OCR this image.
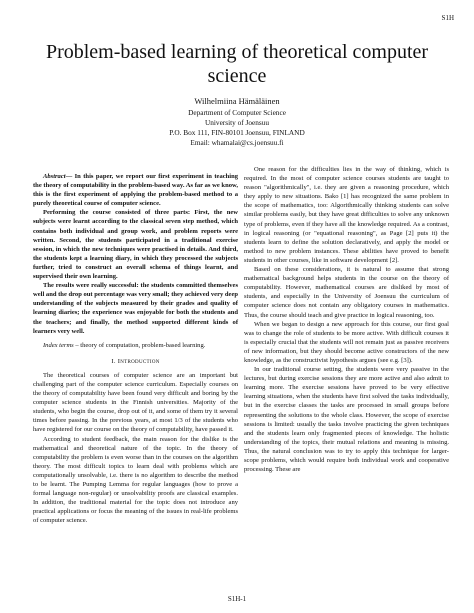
S1H
Problem-based learning of theoretical computer science
Wilhelmiina Hämäläinen
Department of Computer Science
University of Joensuu
P.O. Box 111, FIN-80101 Joensuu, FINLAND
Email: whamalai@cs.joensuu.fi

Abstract— In this paper, we report our first experiment in teaching the theory of computability in the problem-based way. As far as we know, this is the first experiment of applying the problem-based method to a purely theoretical course of computer science.

Performing the course consisted of three parts: First, the new subjects were learnt according to the classical seven step method, which contains both individual and group work, and problem reports were written. Second, the students participated in a traditional exercise session, in which the new techniques were practised in details. And third, the students kept a learning diary, in which they processed the subjects further, tried to construct an overall schema of things learnt, and supervised their own learning.

The results were really successful: the students committed themselves well and the drop out percentage was very small; they achieved very deep understanding of the subjects measured by their grades and quality of learning diaries; the experience was enjoyable for both the students and the teachers; and finally, the method supported different kinds of learners very well.

Index terms – theory of computation, problem-based learning.

I. Introduction

The theoretical courses of computer science are an important but challenging part of the computer science curriculum. Especially courses on the theory of computability have been found very difficult and boring by the computer science students in the Finnish universities. Majority of the students, who begin the course, drop out of it, and some of them try it several times before passing. In the previous years, at most 1/3 of the students who have registered for our course on the theory of computability, have passed it.

According to student feedback, the main reason for the dislike is the mathematical and theoretical nature of the topic. In the theory of computability the problem is even worse than in the courses on the algorithm theory. The most difficult topics to learn deal with problems which are computationally unsolvable, i.e. there is no algorithm to describe the method to be learnt. The Pumping Lemma for regular languages (how to prove a formal language non-regular) or unsolvability proofs are classical examples. In addition, the traditional material for the topic does not introduce any practical applications or focus the meaning of the issues in real-life problems of computer science.

One reason for the difficulties lies in the way of thinking, which is required. In the most of computer science courses students are taught to reason "algorithmically", i.e. they are given a reasoning procedure, which they apply to new situations. Bako [1] has recognized the same problem in the scope of mathematics, too: Algorithmically thinking students can solve similar problems easily, but they have great difficulties to solve any unknown type of problems, even if they have all the knowledge required. As a contrast, in logical reasoning (or "equational reasoning", as Page [2] puts it) the students learn to define the solution declaratively, and apply the model or method to new problem instances. These abilities have proved to benefit students in other courses, like in software development [2].

Based on these considerations, it is natural to assume that strong mathematical background helps students in the course on the theory of computability. However, mathematical courses are disliked by most of students, and especially in the University of Joensuu the curriculum of computer science does not contain any obligatory courses in mathematics. Thus, the course should teach and give practice in logical reasoning, too.

When we began to design a new approach for this course, our first goal was to change the role of students to be more active. With difficult courses it is especially crucial that the students will not remain just as passive receivers of new information, but they should become active constructors of the new knowledge, as the constructivist hypothesis argues (see e.g. [3]).

In our traditional course setting, the students were very passive in the lectures, but during exercise sessions they are more active and also admit to learning more. The exercise sessions have proved to be very effective learning situations, when the students have first solved the tasks individually, but in the exercise classes the tasks are processed in small groups before representing the solutions to the whole class. However, the scope of exercise sessions is limited: usually the tasks involve practicing the given techniques and the students learn only fragmented pieces of knowledge. The holistic understanding of the topics, their mutual relations and meaning is missing. Thus, the natural conclusion was to try to apply this technique for larger-scope problems, which would require both individual work and cooperative processing. These are

S1H-1
